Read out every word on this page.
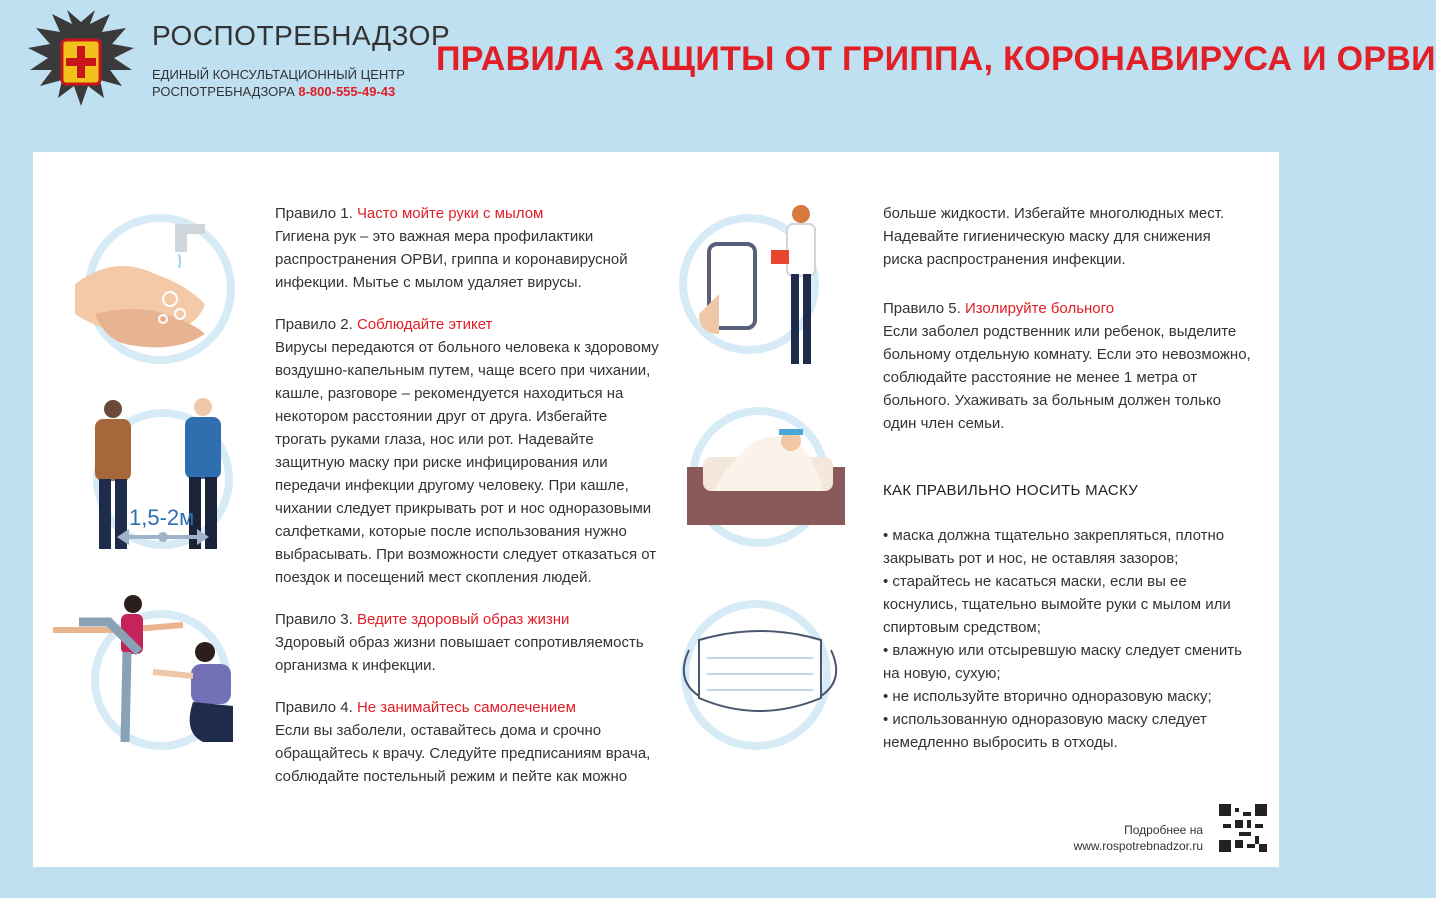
РОСПОТРЕБНАДЗОР
ЕДИНЫЙ КОНСУЛЬТАЦИОННЫЙ ЦЕНТР
РОСПОТРЕБНАДЗОРА 8-800-555-49-43
ПРАВИЛА ЗАЩИТЫ ОТ ГРИППА, КОРОНАВИРУСА И ОРВИ
1,5-2м
Правило 1. Часто мойте руки с мылом
Гигиена рук – это важная мера профилактики распространения ОРВИ, гриппа и коронавирусной инфекции. Мытье с мылом удаляет вирусы.
Правило 2. Соблюдайте этикет
Вирусы передаются от больного человека к здоровому воздушно-капельным путем, чаще всего при чихании, кашле, разговоре – рекомендуется находиться на некотором расстоянии друг от друга. Избегайте трогать руками глаза, нос или рот. Надевайте защитную маску при риске инфицирования или передачи инфекции другому человеку. При кашле, чихании следует прикрывать рот и нос одноразовыми салфетками, которые после использования нужно выбрасывать. При возможности следует отказаться от поездок и посещений мест скопления людей.
Правило 3. Ведите здоровый образ жизни
Здоровый образ жизни повышает сопротивляемость организма к инфекции.
Правило 4. Не занимайтесь самолечением
Если вы заболели, оставайтесь дома и срочно обращайтесь к врачу. Следуйте предписаниям врача, соблюдайте постельный режим и пейте как можно
больше жидкости. Избегайте многолюдных мест. Надевайте гигиеническую маску для снижения риска распространения инфекции.
Правило 5. Изолируйте больного
Если заболел родственник или ребенок, выделите больному отдельную комнату. Если это невозможно, соблюдайте расстояние не менее 1 метра от больного. Ухаживать за больным должен только один член семьи.
КАК ПРАВИЛЬНО НОСИТЬ МАСКУ
• маска должна тщательно закрепляться, плотно закрывать рот и нос, не оставляя зазоров;
• старайтесь не касаться маски, если вы ее коснулись, тщательно вымойте руки с мылом или спиртовым средством;
• влажную или отсыревшую маску следует сменить на новую, сухую;
• не используйте вторично одноразовую маску;
• использованную одноразовую маску следует немедленно выбросить в отходы.
Подробнее на
www.rospotrebnadzor.ru
